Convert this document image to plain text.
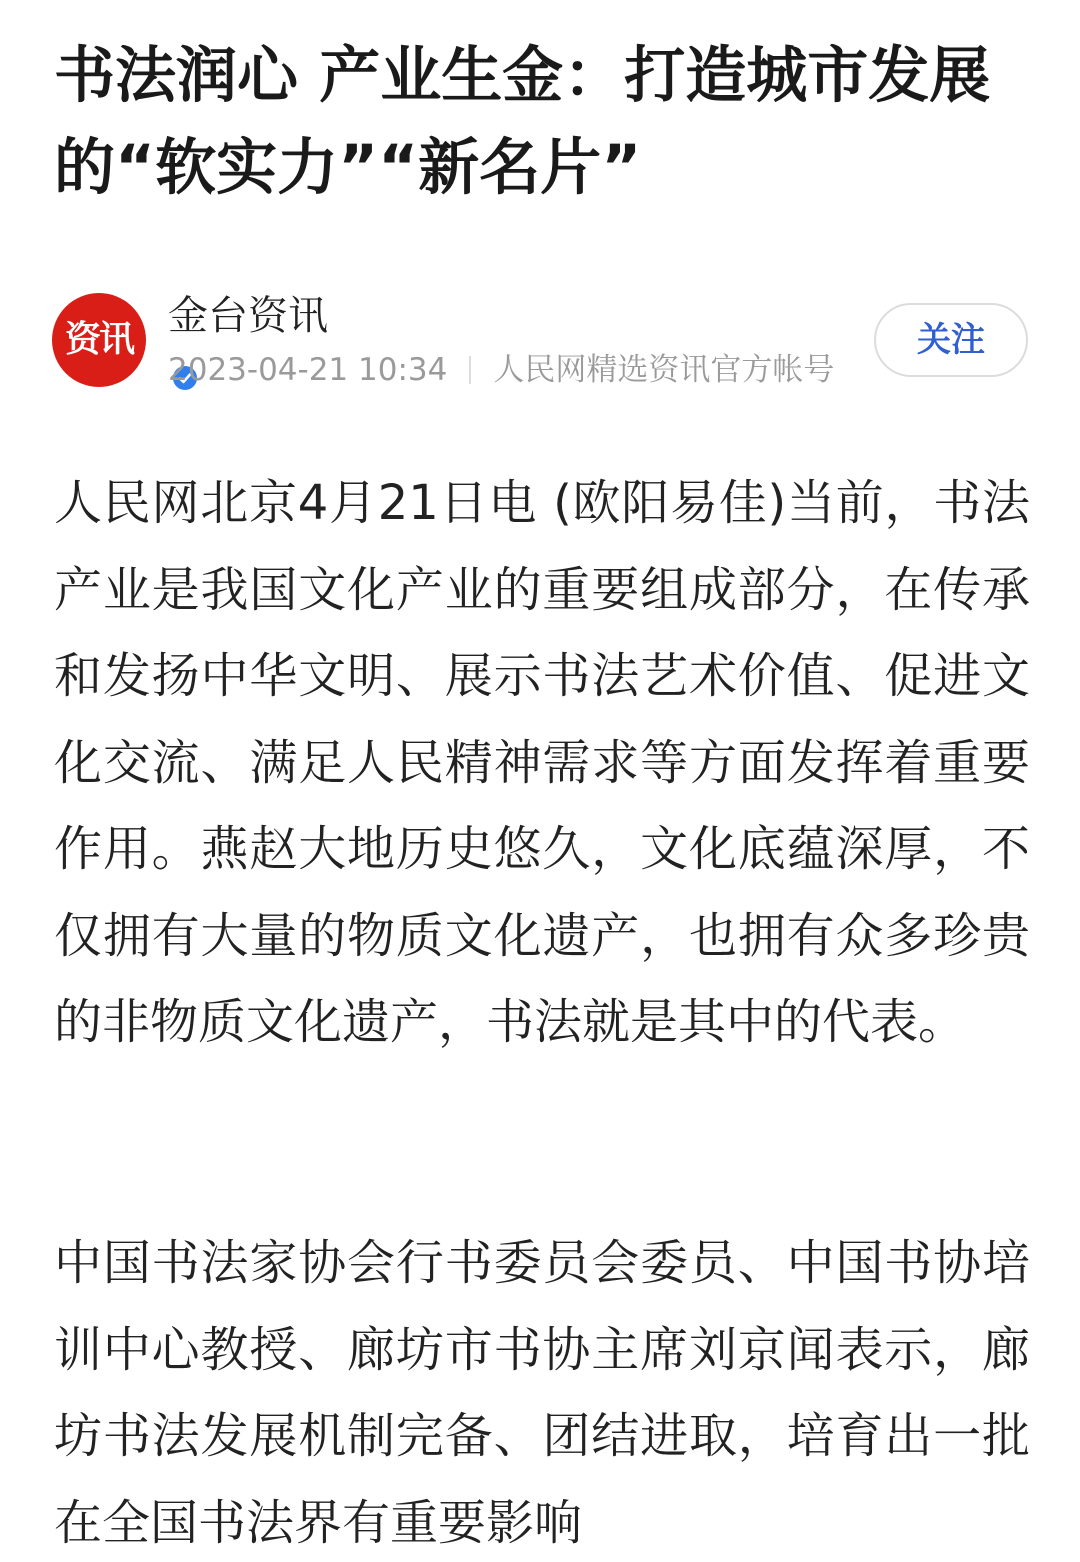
书法润心 产业生金：打造城市发展的“软实力”“新名片”
资讯
金台资讯
2023-04-21 10:34 人民网精选资讯官方帐号
关注

人民网北京4月21日电 (欧阳易佳)当前，书法产业是我国文化产业的重要组成部分，在传承和发扬中华文明、展示书法艺术价值、促进文化交流、满足人民精神需求等方面发挥着重要作用。燕赵大地历史悠久，文化底蕴深厚，不仅拥有大量的物质文化遗产，也拥有众多珍贵的非物质文化遗产，书法就是其中的代表。

中国书法家协会行书委员会委员、中国书协培训中心教授、廊坊市书协主席刘京闻表示，廊坊书法发展机制完备、团结进取，培育出一批在全国书法界有重要影响
